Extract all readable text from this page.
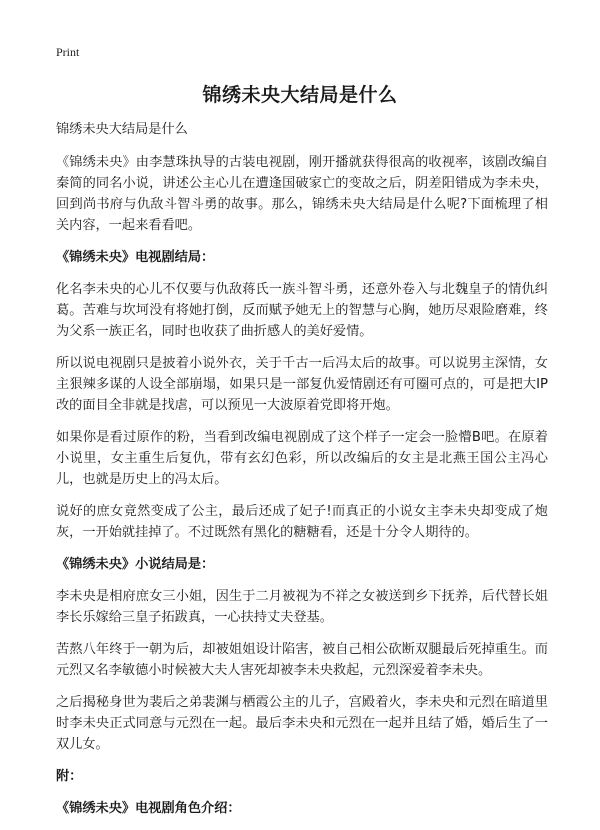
Print
锦绣未央大结局是什么

锦绣未央大结局是什么

《锦绣未央》由李慧珠执导的古装电视剧，刚开播就获得很高的收视率，该剧改编自秦简的同名小说，讲述公主心儿在遭逢国破家亡的变故之后，阴差阳错成为李未央，回到尚书府与仇敌斗智斗勇的故事。那么，锦绣未央大结局是什么呢?下面梳理了相关内容，一起来看看吧。

《锦绣未央》电视剧结局：

化名李未央的心儿不仅要与仇敌蒋氏一族斗智斗勇，还意外卷入与北魏皇子的情仇纠葛。苦难与坎坷没有将她打倒，反而赋予她无上的智慧与心胸，她历尽艰险磨难，终为父系一族正名，同时也收获了曲折感人的美好爱情。

所以说电视剧只是披着小说外衣，关于千古一后冯太后的故事。可以说男主深情，女主狠辣多谋的人设全部崩塌，如果只是一部复仇爱情剧还有可圈可点的，可是把大IP改的面目全非就是找虐，可以预见一大波原着党即将开炮。

如果你是看过原作的粉，当看到改编电视剧成了这个样子一定会一脸懵B吧。在原着小说里，女主重生后复仇，带有玄幻色彩，所以改编后的女主是北燕王国公主冯心儿，也就是历史上的冯太后。

说好的庶女竟然变成了公主，最后还成了妃子!而真正的小说女主李未央却变成了炮灰，一开始就挂掉了。不过既然有黑化的糖糖看，还是十分令人期待的。

《锦绣未央》小说结局是：

李未央是相府庶女三小姐，因生于二月被视为不祥之女被送到乡下抚养，后代替长姐李长乐嫁给三皇子拓跋真，一心扶持丈夫登基。

苦熬八年终于一朝为后，却被姐姐设计陷害，被自己相公砍断双腿最后死掉重生。而元烈又名李敏德小时候被大夫人害死却被李未央救起，元烈深爱着李未央。

之后揭秘身世为裴后之弟裴渊与栖霞公主的儿子，宫殿着火，李未央和元烈在暗道里时李未央正式同意与元烈在一起。最后李未央和元烈在一起并且结了婚，婚后生了一双儿女。

附：

《锦绣未央》电视剧角色介绍：
